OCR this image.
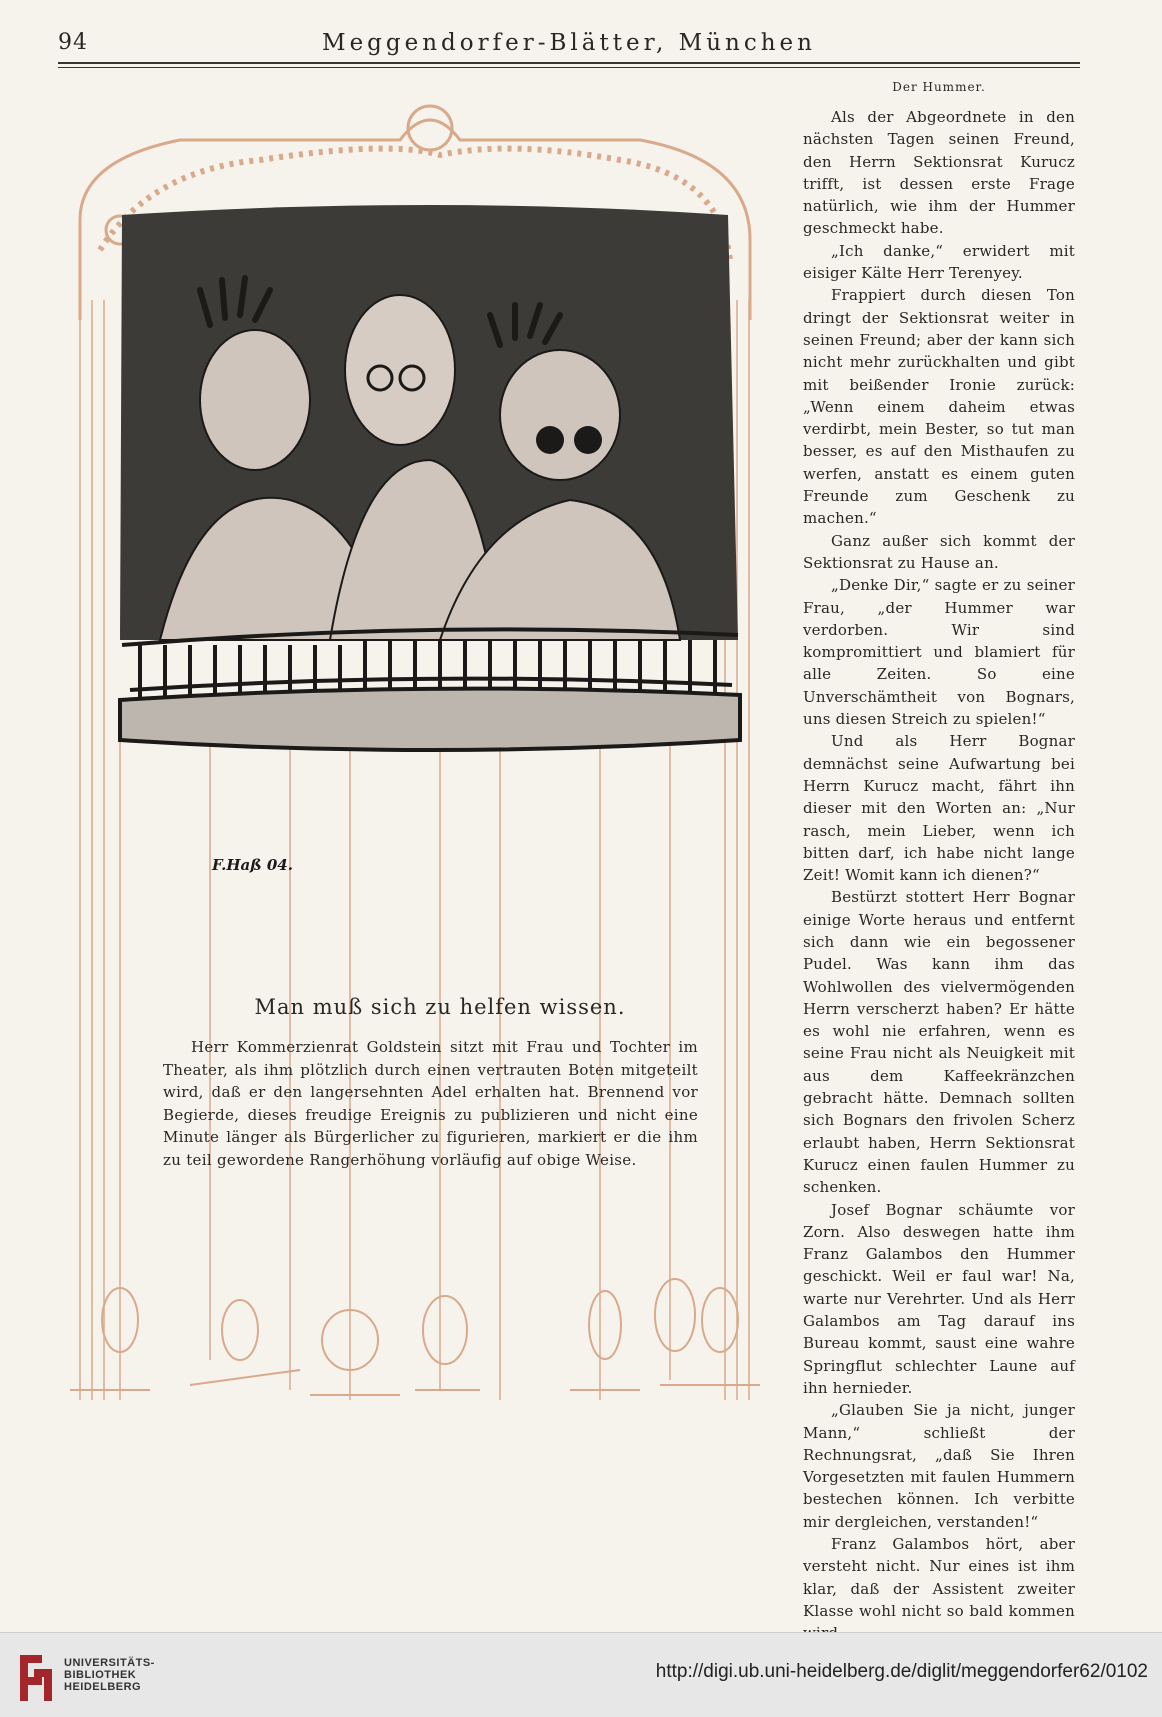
94	Meggendorfer-Blätter, München
F.Haß 04.
Man muß sich zu helfen wissen.
Herr Kommerzienrat Goldstein sitzt mit Frau und Tochter im Theater, als ihm plötzlich durch einen vertrauten Boten mitgeteilt wird, daß er den langersehnten Adel erhalten hat. Brennend vor Begierde, dieses freudige Ereignis zu publizieren und nicht eine Minute länger als Bürgerlicher zu figurieren, markiert er die ihm zu teil gewordene Rangerhöhung vorläufig auf obige Weise.
Der Hummer.

Als der Abgeordnete in den nächsten Tagen seinen Freund, den Herrn Sektionsrat Kurucz trifft, ist dessen erste Frage natürlich, wie ihm der Hummer geschmeckt habe.

„Ich danke,“ erwidert mit eisiger Kälte Herr Terenyey.

Frappiert durch diesen Ton dringt der Sektionsrat weiter in seinen Freund; aber der kann sich nicht mehr zurückhalten und gibt mit beißender Ironie zurück: „Wenn einem daheim etwas verdirbt, mein Bester, so tut man besser, es auf den Misthaufen zu werfen, anstatt es einem guten Freunde zum Geschenk zu machen.“

Ganz außer sich kommt der Sektionsrat zu Hause an.

„Denke Dir,“ sagte er zu seiner Frau, „der Hummer war verdorben. Wir sind kompromittiert und blamiert für alle Zeiten. So eine Unverschämtheit von Bognars, uns diesen Streich zu spielen!“

Und als Herr Bognar demnächst seine Aufwartung bei Herrn Kurucz macht, fährt ihn dieser mit den Worten an: „Nur rasch, mein Lieber, wenn ich bitten darf, ich habe nicht lange Zeit! Womit kann ich dienen?“

Bestürzt stottert Herr Bognar einige Worte heraus und entfernt sich dann wie ein begossener Pudel. Was kann ihm das Wohlwollen des vielvermögenden Herrn verscherzt haben? Er hätte es wohl nie erfahren, wenn es seine Frau nicht als Neuigkeit mit aus dem Kaffeekränzchen gebracht hätte. Demnach sollten sich Bognars den frivolen Scherz erlaubt haben, Herrn Sektionsrat Kurucz einen faulen Hummer zu schenken.

Josef Bognar schäumte vor Zorn. Also deswegen hatte ihm Franz Galambos den Hummer geschickt. Weil er faul war! Na, warte nur Verehrter. Und als Herr Galambos am Tag darauf ins Bureau kommt, saust eine wahre Springflut schlechter Laune auf ihn hernieder.

„Glauben Sie ja nicht, junger Mann,“ schließt der Rechnungsrat, „daß Sie Ihren Vorgesetzten mit faulen Hummern bestechen können. Ich verbitte mir dergleichen, verstanden!“

Franz Galambos hört, aber versteht nicht. Nur eines ist ihm klar, daß der Assistent zweiter Klasse wohl nicht so bald kommen

UNIVERSITÄTS-
BIBLIOTHEK
HEIDELBERG
http://digi.ub.uni-heidelberg.de/diglit/meggendorfer62/0102
